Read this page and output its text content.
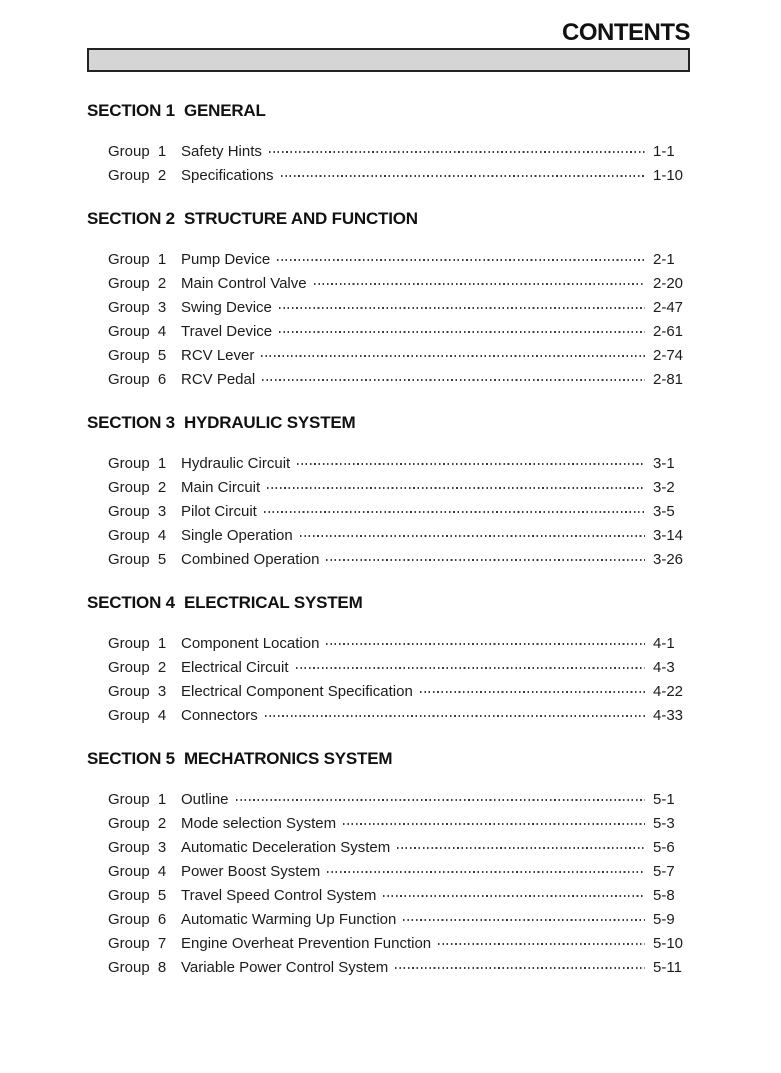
CONTENTS
SECTION 1 GENERAL
Group 1 Safety Hints	1-1
Group 2 Specifications	1-10
SECTION 2 STRUCTURE AND FUNCTION
Group 1 Pump Device	2-1
Group 2 Main Control Valve	2-20
Group 3 Swing Device	2-47
Group 4 Travel Device	2-61
Group 5 RCV Lever	2-74
Group 6 RCV Pedal	2-81
SECTION 3 HYDRAULIC SYSTEM
Group 1 Hydraulic Circuit	3-1
Group 2 Main Circuit	3-2
Group 3 Pilot Circuit	3-5
Group 4 Single Operation	3-14
Group 5 Combined Operation	3-26
SECTION 4 ELECTRICAL SYSTEM
Group 1 Component Location	4-1
Group 2 Electrical Circuit	4-3
Group 3 Electrical Component Specification	4-22
Group 4 Connectors	4-33
SECTION 5 MECHATRONICS SYSTEM
Group 1 Outline	5-1
Group 2 Mode selection System	5-3
Group 3 Automatic Deceleration System	5-6
Group 4 Power Boost System	5-7
Group 5 Travel Speed Control System	5-8
Group 6 Automatic Warming Up Function	5-9
Group 7 Engine Overheat Prevention Function	5-10
Group 8 Variable Power Control System	5-11
